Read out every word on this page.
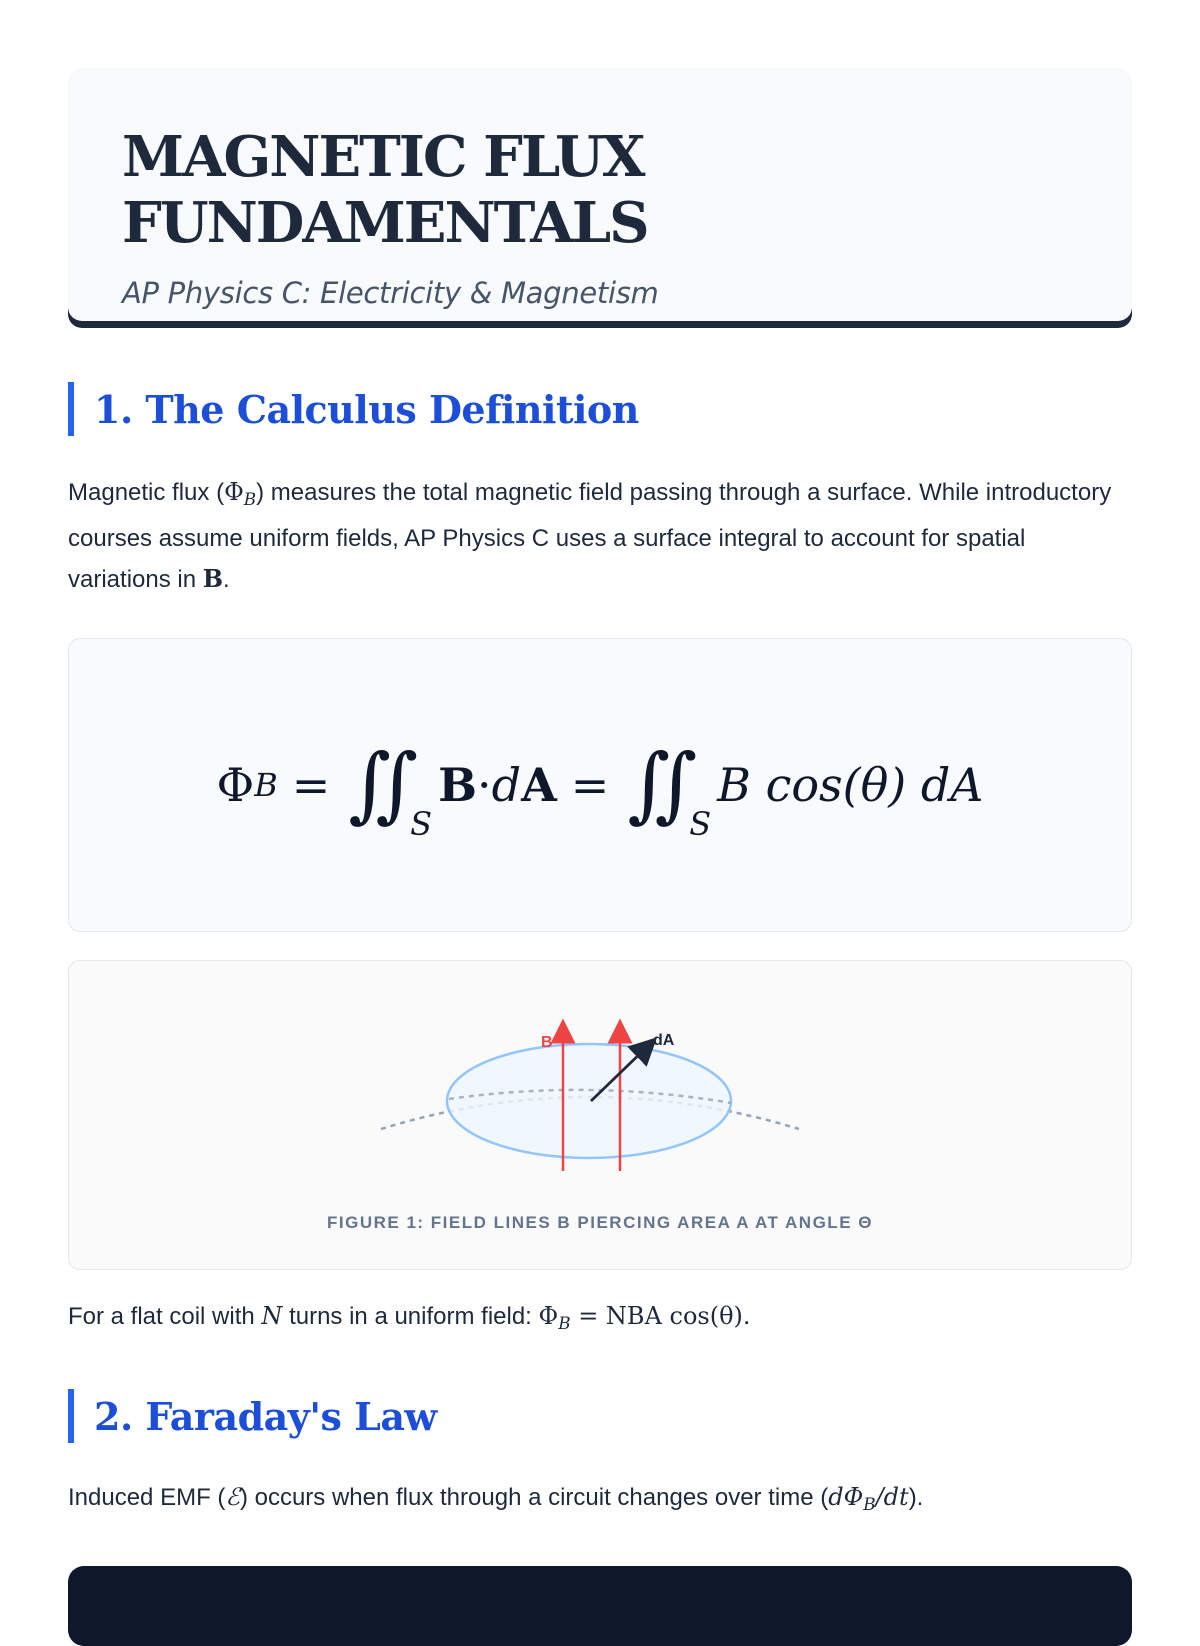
MAGNETIC FLUX
FUNDAMENTALS
AP Physics C: Electricity & Magnetism
1. The Calculus Definition
Magnetic flux $(\Phi_B)$ measures the total magnetic field passing through a surface. While introductory courses assume uniform fields, AP Physics C uses a surface integral to account for spatial variations in B.
Φ B = ∬ S
B · d A = ∬ S
B cos(θ) dA
B	dA
FIGURE 1: FIELD LINES B PIERCING AREA A AT ANGLE Θ
For a flat coil with N turns in a uniform field: $\Phi_B$ = NBA cos(θ).
2. Faraday's Law
Induced EMF (ℰ) occurs when flux through a circuit changes over time $(d\Phi_B/dt)$.
